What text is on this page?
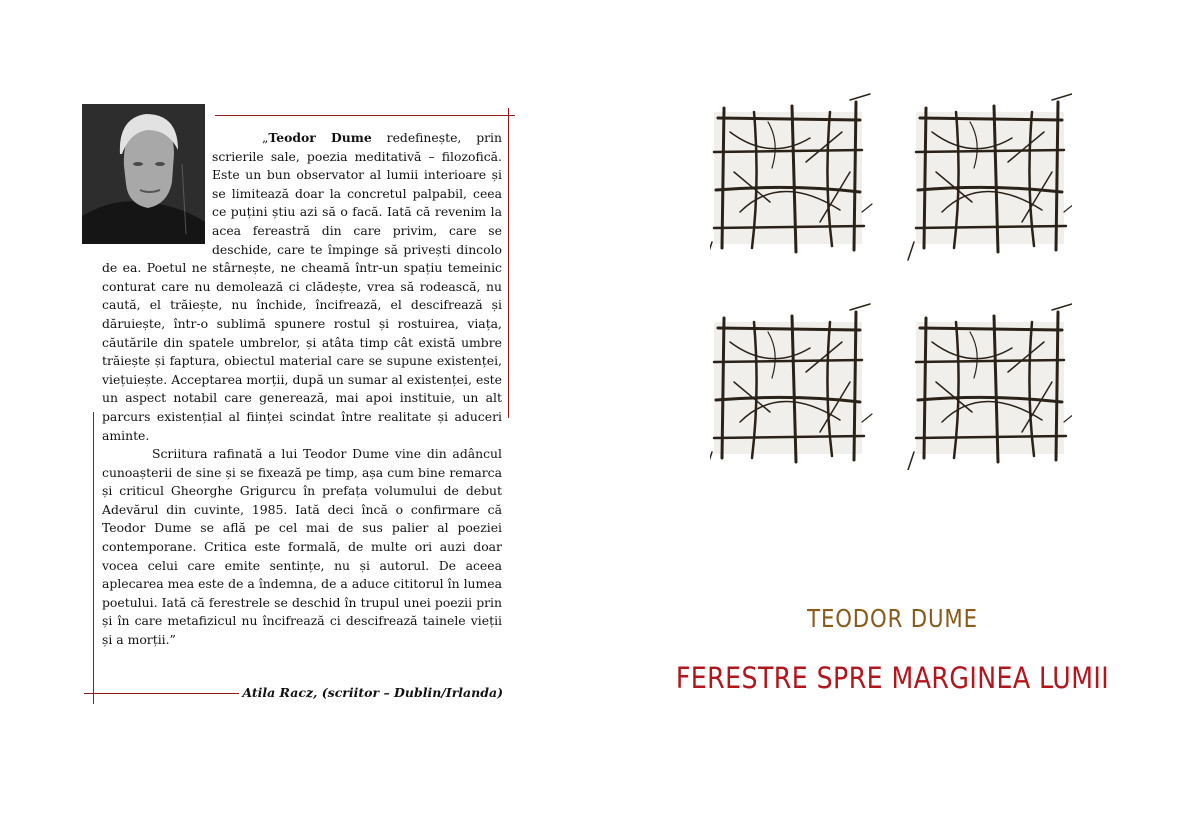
„Teodor Dume redefinește, prin scrierile sale, poezia meditativă – filozofică. Este un bun observator al lumii interioare și se limitează doar la concretul palpabil, ceea ce puțini știu azi să o facă. Iată că revenim la acea fereastră din care privim, care se deschide, care te împinge să privești dincolo de ea. Poetul ne stârnește, ne cheamă într-un spațiu temeinic conturat care nu demolează ci clădește, vrea să rodească, nu caută, el trăiește, nu închide, încifrează, el descifrează și dăruiește, într-o sublimă spunere rostul și rostuirea, viața, căutările din spatele umbrelor, și atâta timp cât există umbre trăiește și faptura, obiectul material care se supune existenței, viețuiește. Acceptarea morții, după un sumar al existenței, este un aspect notabil care generează, mai apoi instituie, un alt parcurs existențial al ființei scindat între realitate și aduceri aminte.

Scriitura rafinată a lui Teodor Dume vine din adâncul cunoașterii de sine și se fixează pe timp, așa cum bine remarca și criticul Gheorghe Grigurcu în prefața volumului de debut Adevărul din cuvinte, 1985. Iată deci încă o confirmare că Teodor Dume se află pe cel mai de sus palier al poeziei contemporane. Critica este formală, de multe ori auzi doar vocea celui care emite sentințe, nu și autorul. De aceea aplecarea mea este de a îndemna, de a aduce cititorul în lumea poetului. Iată că ferestrele se deschid în trupul unei poezii prin și în care metafizicul nu încifrează ci descifrează tainele vieții și a morții.”

Atila Racz, (scriitor – Dublin/Irlanda)
TEODOR DUME
FERESTRE SPRE MARGINEA LUMII
